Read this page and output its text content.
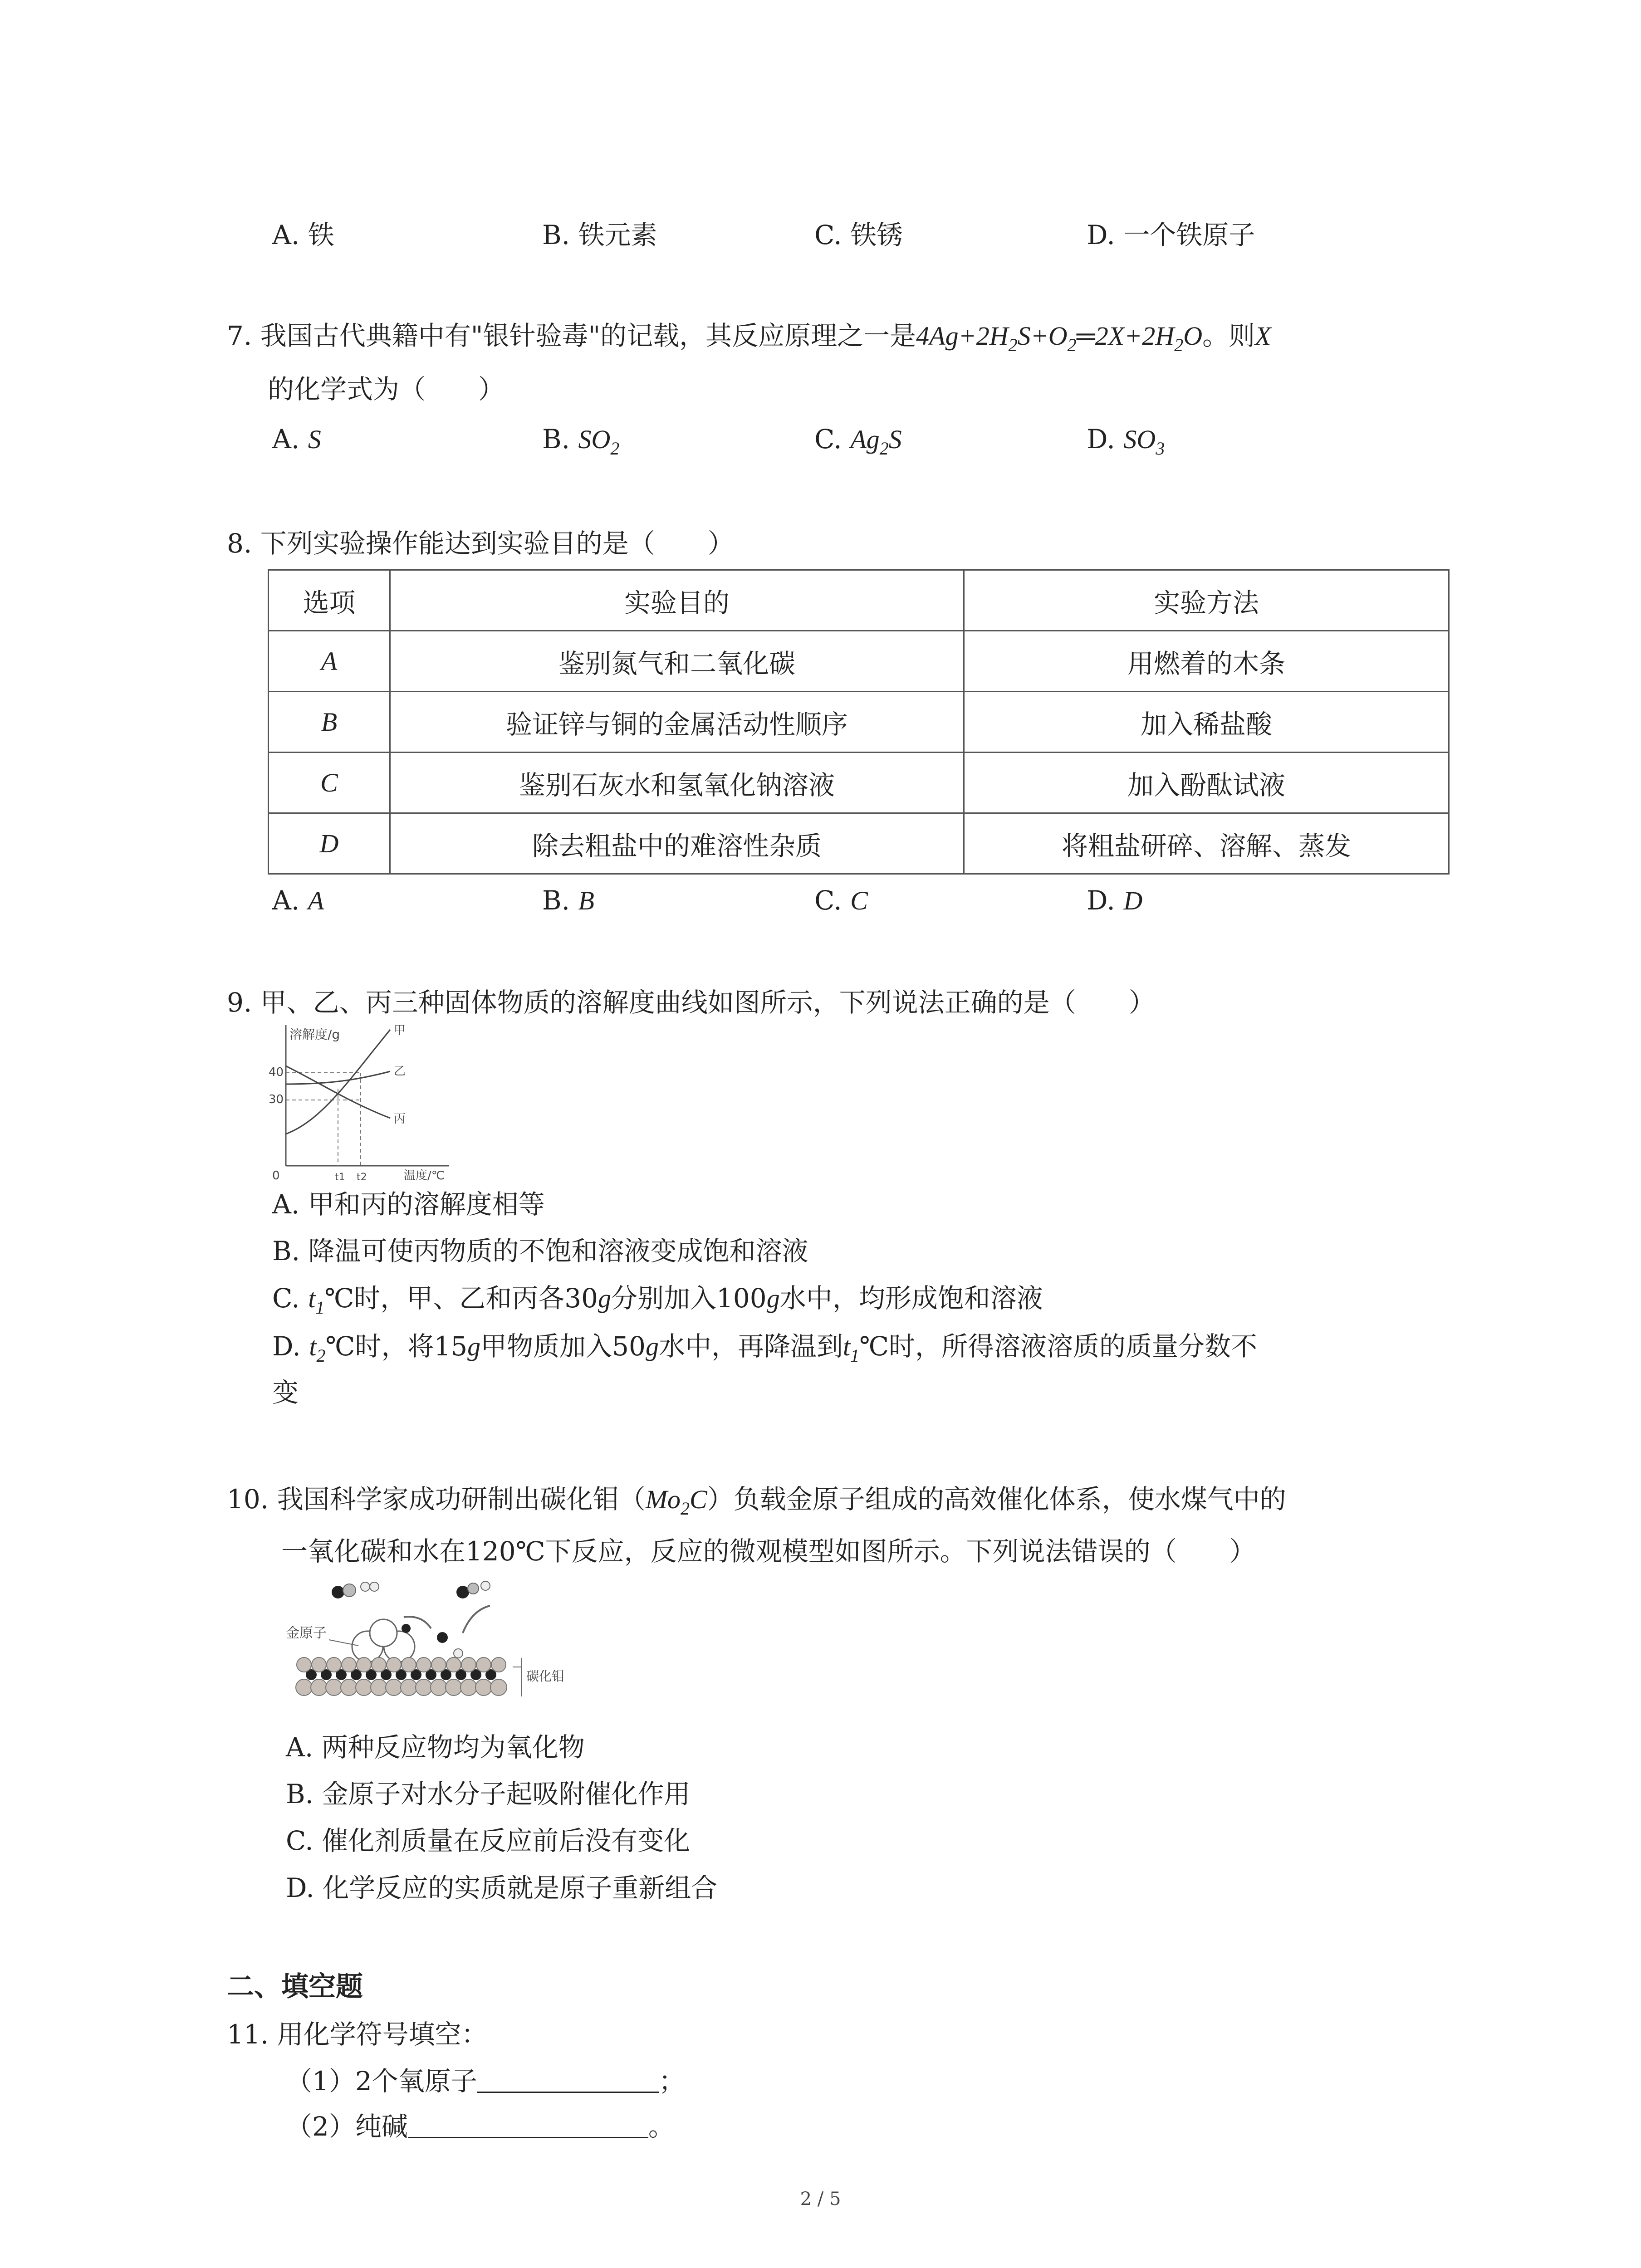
A. 铁	B. 铁元素	C. 铁锈	D. 一个铁原子
7. 我国古代典籍中有"银针验毒"的记载，其反应原理之一是$4Ag+2H_2S+O_2═2X+2H_2O$。则X
的化学式为（　　）
A. S	B. $SO_2$	C. $Ag_2S$	D. $SO_3$
8. 下列实验操作能达到实验目的是（　　）
选项	实验目的	实验方法
A	鉴别氮气和二氧化碳	用燃着的木条
B	验证锌与铜的金属活动性顺序	加入稀盐酸
C	鉴别石灰水和氢氧化钠溶液	加入酚酞试液
D	除去粗盐中的难溶性杂质	将粗盐研碎、溶解、蒸发
A. A	B. B	C. C	D. D
9. 甲、乙、丙三种固体物质的溶解度曲线如图所示，下列说法正确的是（　　）
溶解度/g
温度/℃
40
30
0	t1 t2
甲
乙
丙
A. 甲和丙的溶解度相等
B. 降温可使丙物质的不饱和溶液变成饱和溶液
C. $t_1℃$时，甲、乙和丙各30g分别加入100g水中，均形成饱和溶液
D. $t_2℃$时，将15g甲物质加入50g水中，再降温到$t_1℃$时，所得溶液溶质的质量分数不
变
10. 我国科学家成功研制出碳化钼$(Mo_2C)$负载金原子组成的高效催化体系，使水煤气中的
一氧化碳和水在120℃下反应，反应的微观模型如图所示。下列说法错误的（　　）
金原子
碳化钼
A. 两种反应物均为氧化物
B. 金原子对水分子起吸附催化作用
C. 催化剂质量在反应前后没有变化
D. 化学反应的实质就是原子重新组合
二、填空题
11. 用化学符号填空：
（1）2个氧原子	；
（2）纯碱	。
2 / 5
